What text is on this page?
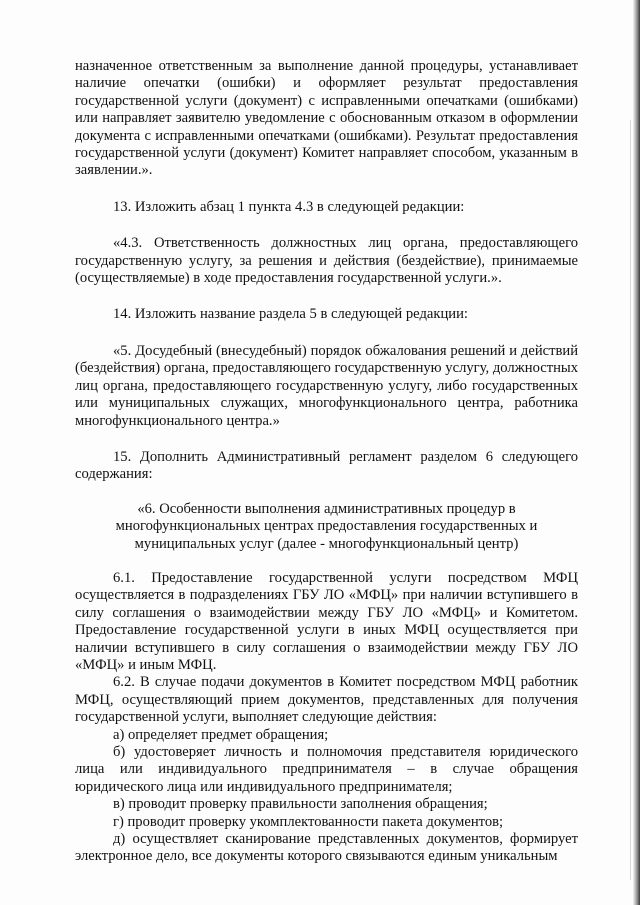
назначенное ответственным за выполнение данной процедуры, устанавливает наличие опечатки (ошибки) и оформляет результат предоставления государственной услуги (документ) с исправленными опечатками (ошибками) или направляет заявителю уведомление с обоснованным отказом в оформлении документа с исправленными опечатками (ошибками). Результат предоставления государственной услуги (документ) Комитет направляет способом, указанным в заявлении.».

13. Изложить абзац 1 пункта 4.3 в следующей редакции:

«4.3. Ответственность должностных лиц органа, предоставляющего государственную услугу, за решения и действия (бездействие), принимаемые (осуществляемые) в ходе предоставления государственной услуги.».

14. Изложить название раздела 5 в следующей редакции:

«5. Досудебный (внесудебный) порядок обжалования решений и действий (бездействия) органа, предоставляющего государственную услугу, должностных лиц органа, предоставляющего государственную услугу, либо государственных или муниципальных служащих, многофункционального центра, работника многофункционального центра.»

15. Дополнить Административный регламент разделом 6 следующего содержания:

«6. Особенности выполнения административных процедур в многофункциональных центрах предоставления государственных и муниципальных услуг (далее - многофункциональный центр)

6.1. Предоставление государственной услуги посредством МФЦ осуществляется в подразделениях ГБУ ЛО «МФЦ» при наличии вступившего в силу соглашения о взаимодействии между ГБУ ЛО «МФЦ» и Комитетом. Предоставление государственной услуги в иных МФЦ осуществляется при наличии вступившего в силу соглашения о взаимодействии между ГБУ ЛО «МФЦ» и иным МФЦ.

6.2. В случае подачи документов в Комитет посредством МФЦ работник МФЦ, осуществляющий прием документов, представленных для получения государственной услуги, выполняет следующие действия:

а) определяет предмет обращения;

б) удостоверяет личность и полномочия представителя юридического лица или индивидуального предпринимателя – в случае обращения юридического лица или индивидуального предпринимателя;

в) проводит проверку правильности заполнения обращения;

г) проводит проверку укомплектованности пакета документов;

д) осуществляет сканирование представленных документов, формирует электронное дело, все документы которого связываются единым уникальным
